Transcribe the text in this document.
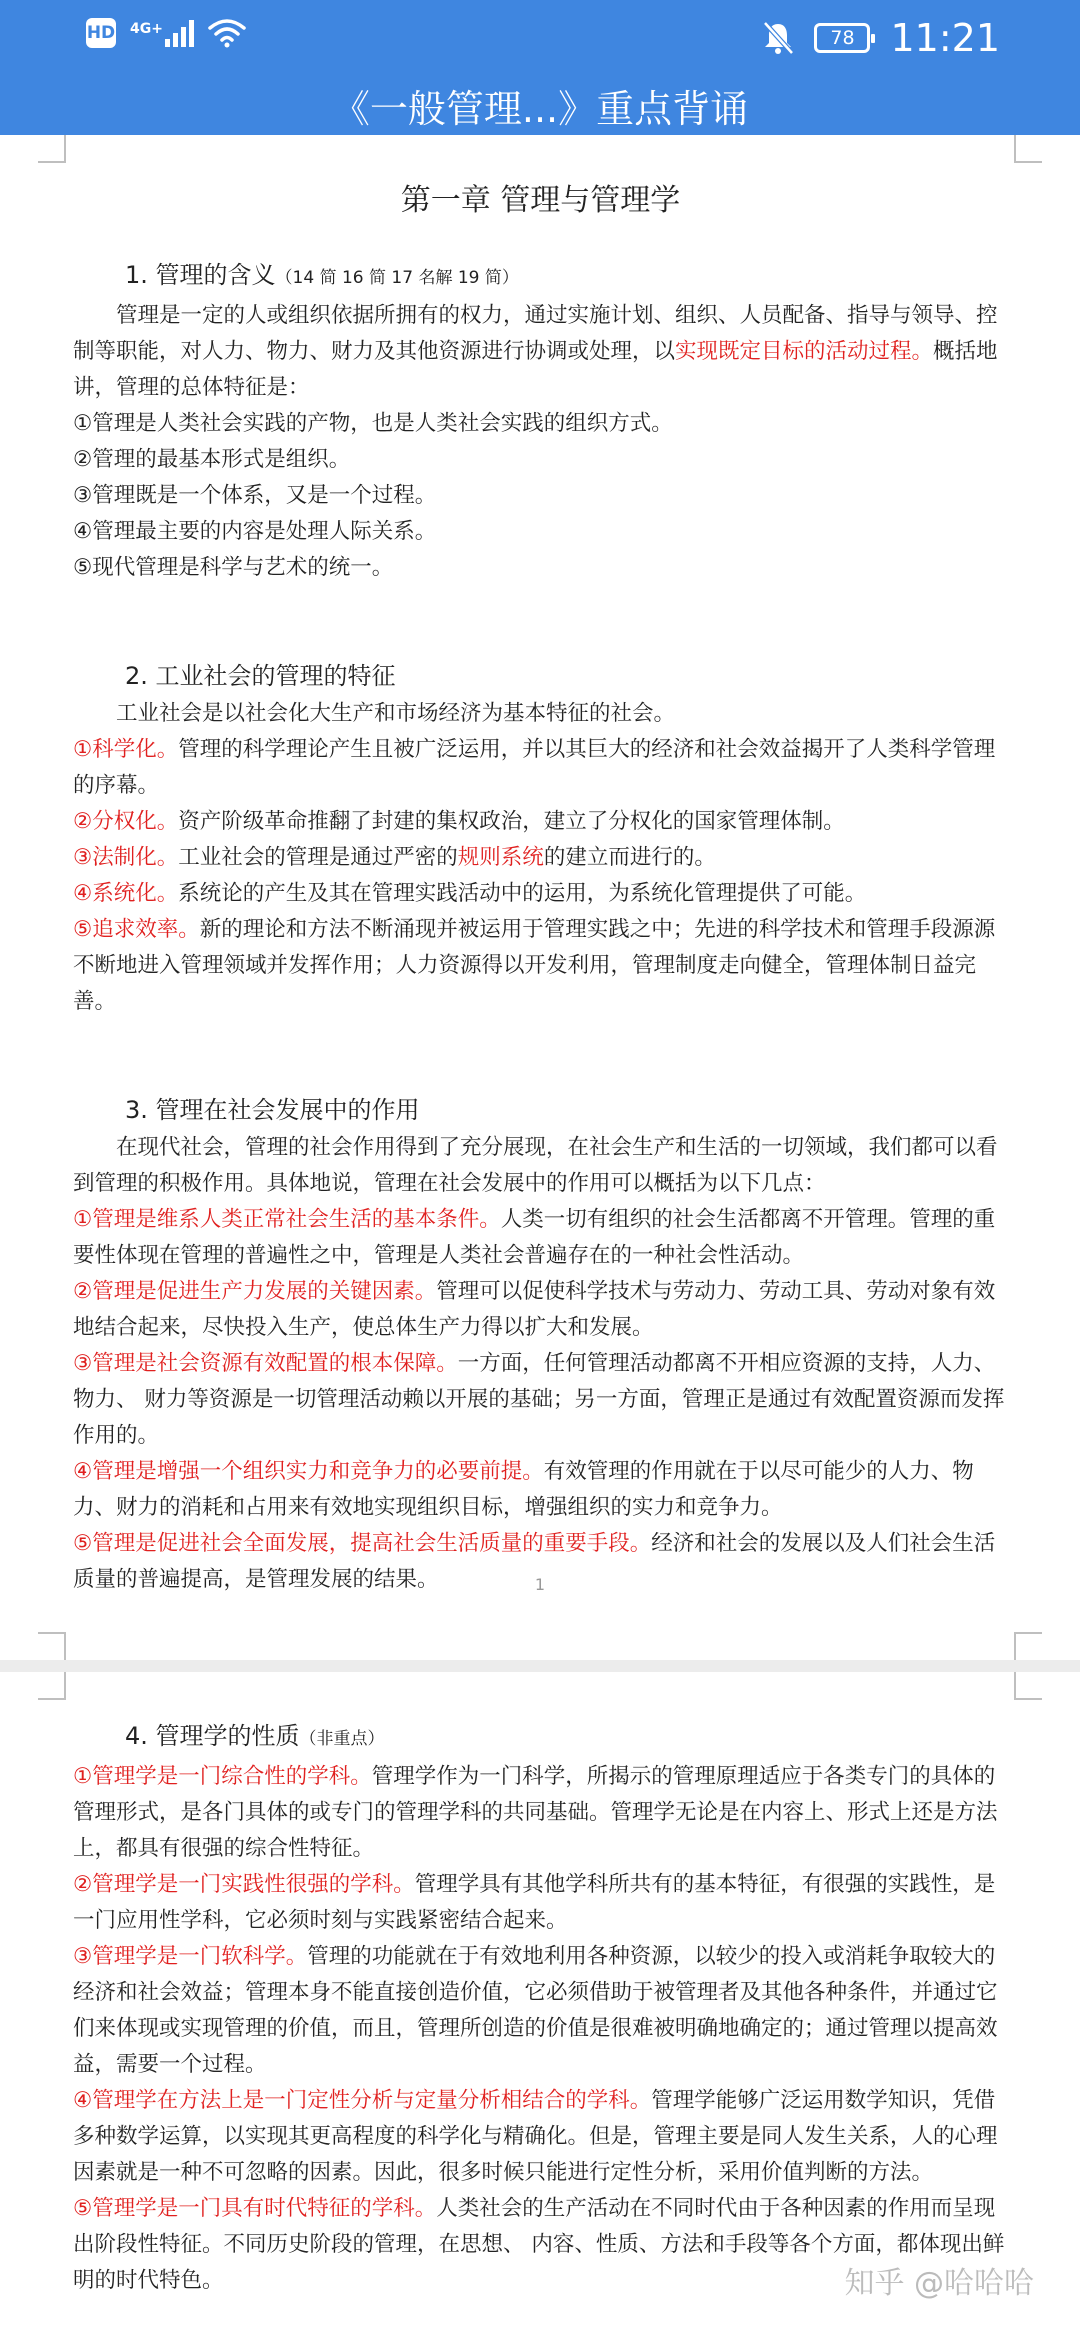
HD 4G+	78 11:21
《一般管理...》重点背诵
第一章 管理与管理学
1. 管理的含义（14 简 16 简 17 名解 19 简）
管理是一定的人或组织依据所拥有的权力，通过实施计划、组织、人员配备、指导与领导、控制等职能，对人力、物力、财力及其他资源进行协调或处理，以实现既定目标的活动过程。概括地讲，管理的总体特征是：
①管理是人类社会实践的产物，也是人类社会实践的组织方式。
②管理的最基本形式是组织。
③管理既是一个体系，又是一个过程。
④管理最主要的内容是处理人际关系。
⑤现代管理是科学与艺术的统一。
2. 工业社会的管理的特征
工业社会是以社会化大生产和市场经济为基本特征的社会。
①科学化。管理的科学理论产生且被广泛运用，并以其巨大的经济和社会效益揭开了人类科学管理的序幕。
②分权化。资产阶级革命推翻了封建的集权政治，建立了分权化的国家管理体制。
③法制化。工业社会的管理是通过严密的规则系统的建立而进行的。
④系统化。系统论的产生及其在管理实践活动中的运用，为系统化管理提供了可能。
⑤追求效率。新的理论和方法不断涌现并被运用于管理实践之中；先进的科学技术和管理手段源源不断地进入管理领域并发挥作用；人力资源得以开发利用，管理制度走向健全，管理体制日益完善。
3. 管理在社会发展中的作用
在现代社会，管理的社会作用得到了充分展现，在社会生产和生活的一切领域，我们都可以看到管理的积极作用。具体地说，管理在社会发展中的作用可以概括为以下几点：
①管理是维系人类正常社会生活的基本条件。人类一切有组织的社会生活都离不开管理。管理的重要性体现在管理的普遍性之中，管理是人类社会普遍存在的一种社会性活动。
②管理是促进生产力发展的关键因素。管理可以促使科学技术与劳动力、劳动工具、劳动对象有效地结合起来，尽快投入生产，使总体生产力得以扩大和发展。
③管理是社会资源有效配置的根本保障。一方面，任何管理活动都离不开相应资源的支持，人力、物力、 财力等资源是一切管理活动赖以开展的基础；另一方面，管理正是通过有效配置资源而发挥作用的。
④管理是增强一个组织实力和竞争力的必要前提。有效管理的作用就在于以尽可能少的人力、物力、财力的消耗和占用来有效地实现组织目标，增强组织的实力和竞争力。
⑤管理是促进社会全面发展，提高社会生活质量的重要手段。经济和社会的发展以及人们社会生活质量的普遍提高，是管理发展的结果。	1
4. 管理学的性质（非重点）
①管理学是一门综合性的学科。管理学作为一门科学，所揭示的管理原理适应于各类专门的具体的管理形式，是各门具体的或专门的管理学科的共同基础。管理学无论是在内容上、形式上还是方法上，都具有很强的综合性特征。
②管理学是一门实践性很强的学科。管理学具有其他学科所共有的基本特征，有很强的实践性，是一门应用性学科，它必须时刻与实践紧密结合起来。
③管理学是一门软科学。管理的功能就在于有效地利用各种资源，以较少的投入或消耗争取较大的经济和社会效益；管理本身不能直接创造价值，它必须借助于被管理者及其他各种条件，并通过它们来体现或实现管理的价值，而且，管理所创造的价值是很难被明确地确定的；通过管理以提高效益，需要一个过程。
④管理学在方法上是一门定性分析与定量分析相结合的学科。管理学能够广泛运用数学知识，凭借多种数学运算，以实现其更高程度的科学化与精确化。但是，管理主要是同人发生关系，人的心理因素就是一种不可忽略的因素。因此，很多时候只能进行定性分析，采用价值判断的方法。
⑤管理学是一门具有时代特征的学科。人类社会的生产活动在不同时代由于各种因素的作用而呈现出阶段性特征。不同历史阶段的管理，在思想、 内容、性质、方法和手段等各个方面，都体现出鲜明的时代特色。	知乎 @哈哈哈
